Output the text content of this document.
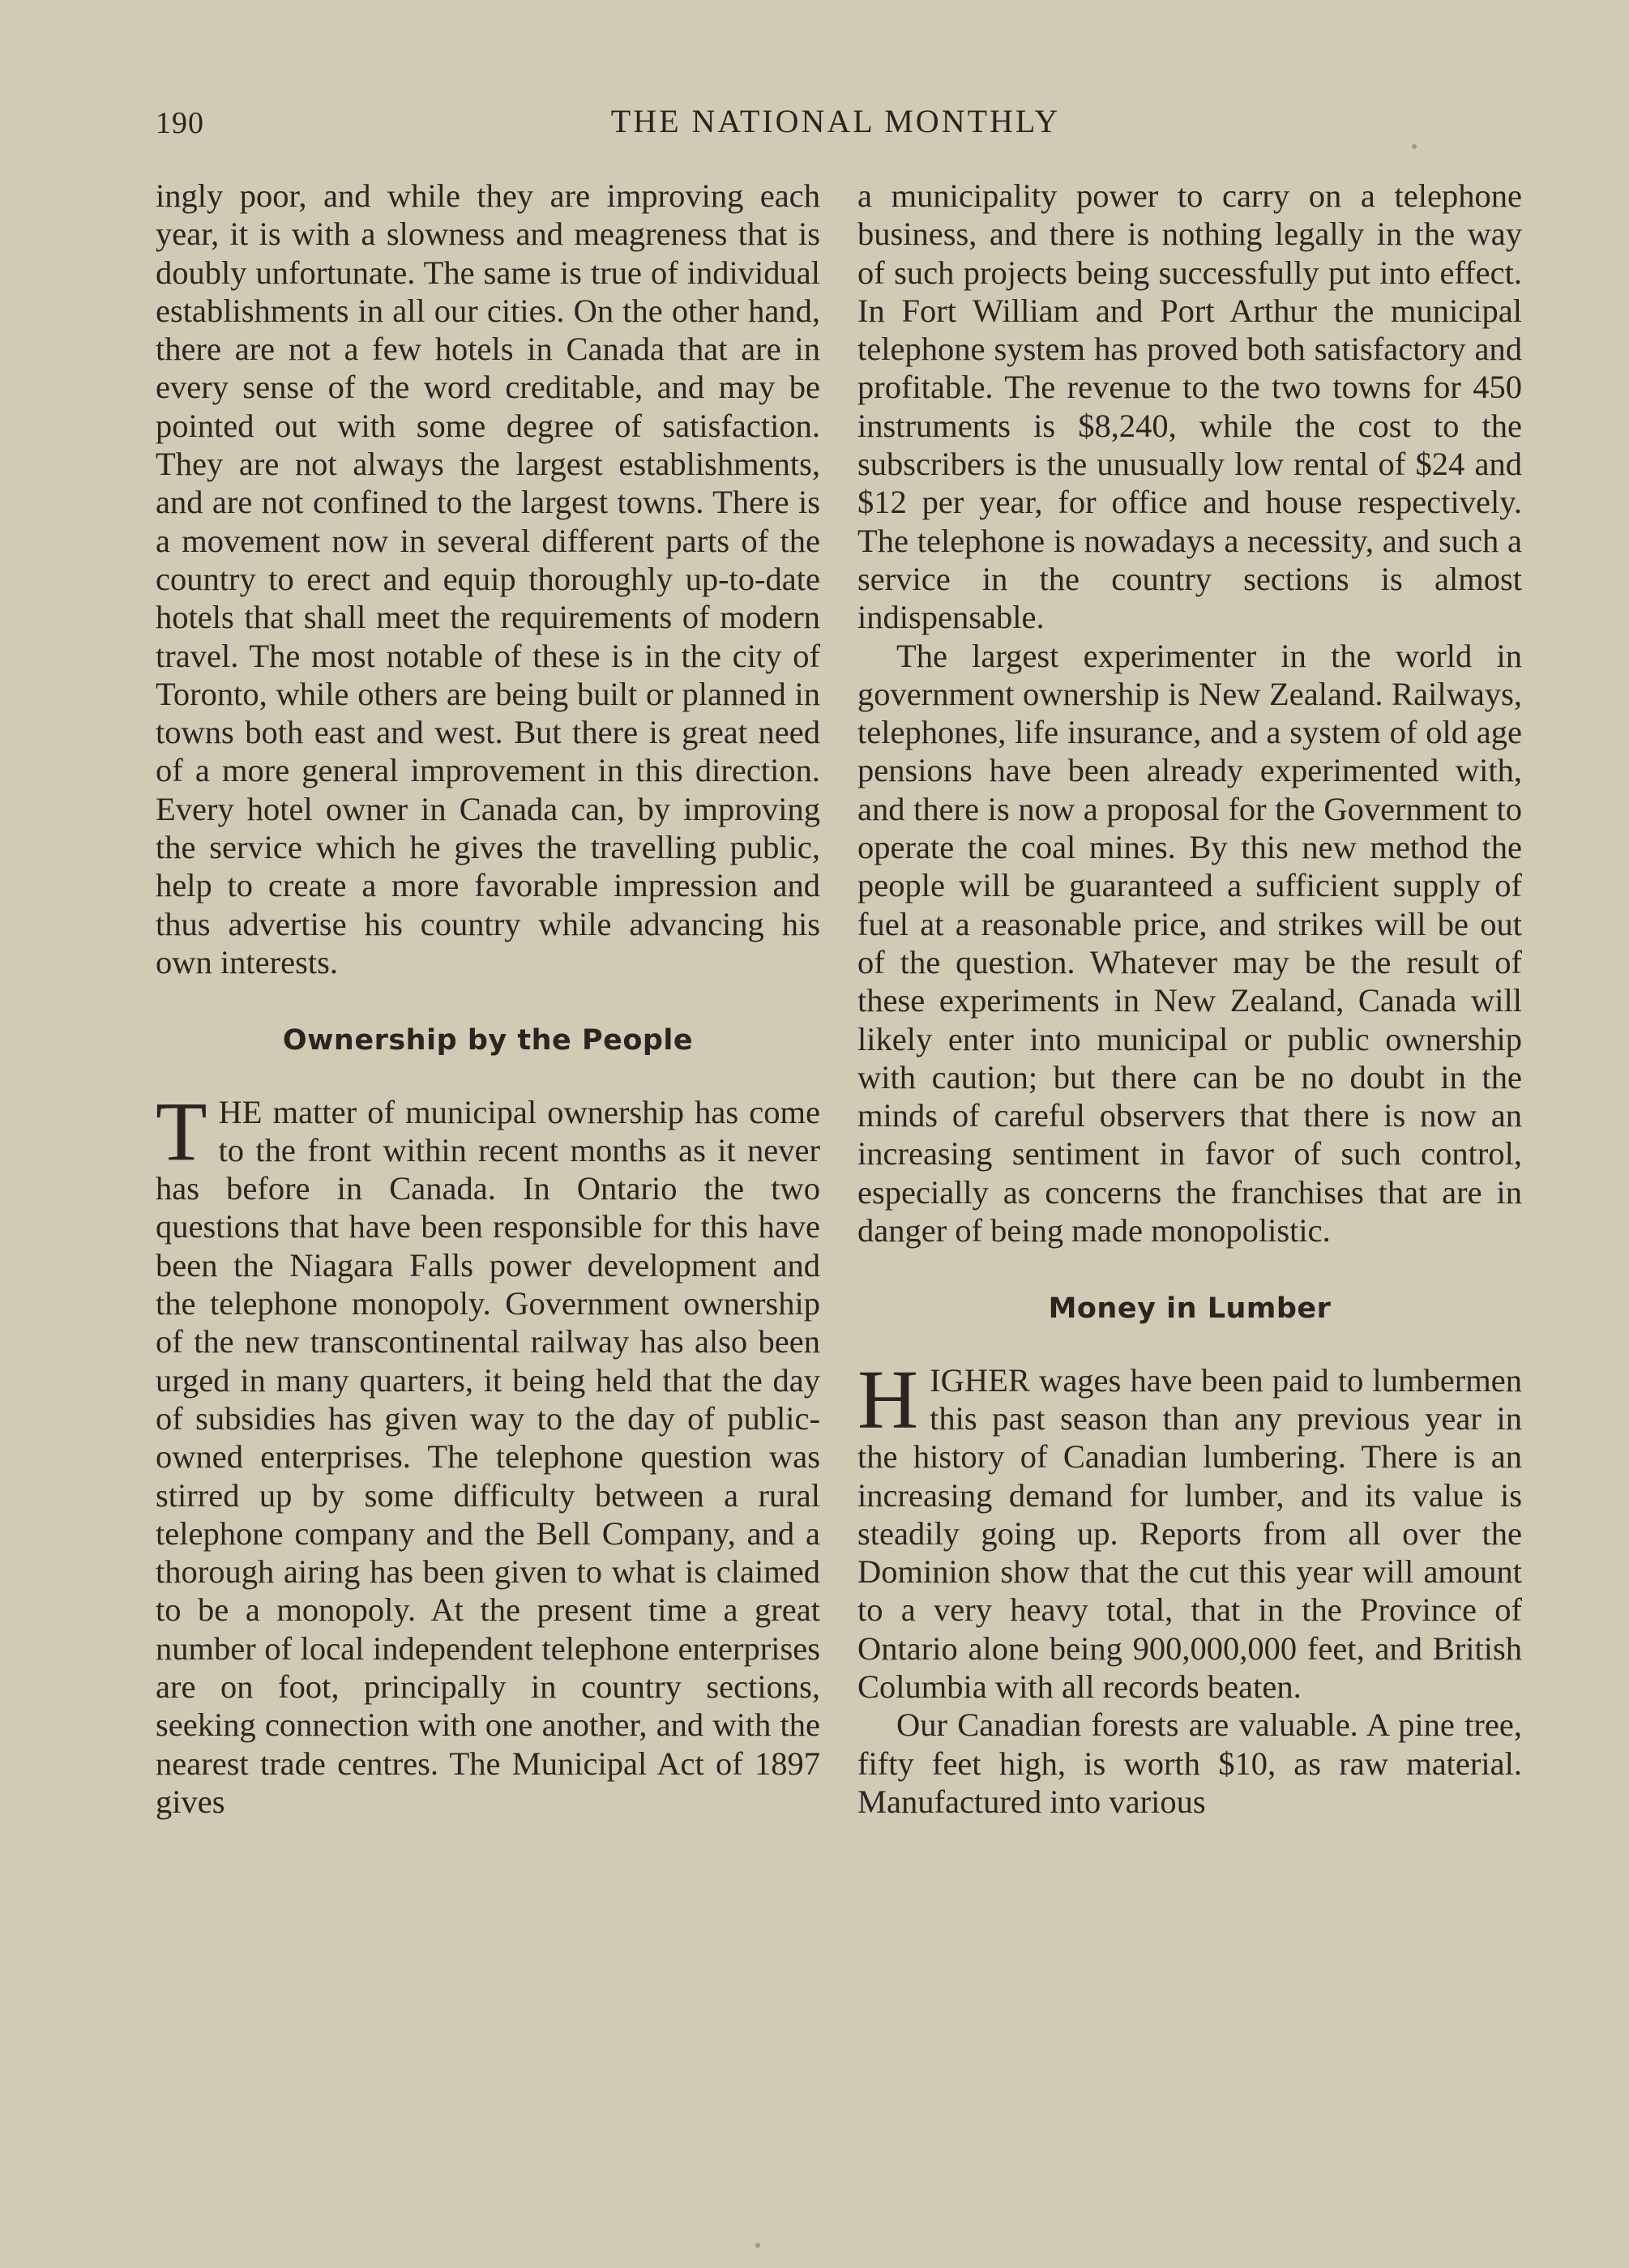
190	THE NATIONAL MONTHLY

ingly poor, and while they are improving each year, it is with a slowness and meagreness that is doubly unfortunate. The same is true of individual establishments in all our cities. On the other hand, there are not a few hotels in Canada that are in every sense of the word creditable, and may be pointed out with some degree of satisfaction. They are not always the largest establishments, and are not confined to the largest towns. There is a movement now in several different parts of the country to erect and equip thoroughly up-to-date hotels that shall meet the requirements of modern travel. The most notable of these is in the city of Toronto, while others are being built or planned in towns both east and west. But there is great need of a more general improvement in this direction. Every hotel owner in Canada can, by improving the service which he gives the travelling public, help to create a more favorable impression and thus advertise his country while advancing his own interests.

Ownership by the People

THE matter of municipal ownership has come to the front within recent months as it never has before in Canada. In Ontario the two questions that have been responsible for this have been the Niagara Falls power development and the telephone monopoly. Government ownership of the new transcontinental railway has also been urged in many quarters, it being held that the day of subsidies has given way to the day of public-owned enterprises. The telephone question was stirred up by some difficulty between a rural telephone company and the Bell Company, and a thorough airing has been given to what is claimed to be a monopoly. At the present time a great number of local independent telephone enterprises are on foot, principally in country sections, seeking connection with one another, and with the nearest trade centres. The Municipal Act of 1897 gives

a municipality power to carry on a telephone business, and there is nothing legally in the way of such projects being successfully put into effect. In Fort William and Port Arthur the municipal telephone system has proved both satisfactory and profitable. The revenue to the two towns for 450 instruments is $8,240, while the cost to the subscribers is the unusually low rental of $24 and $12 per year, for office and house respectively. The telephone is nowadays a necessity, and such a service in the country sections is almost indispensable.

The largest experimenter in the world in government ownership is New Zealand. Railways, telephones, life insurance, and a system of old age pensions have been already experimented with, and there is now a proposal for the Government to operate the coal mines. By this new method the people will be guaranteed a sufficient supply of fuel at a reasonable price, and strikes will be out of the question. Whatever may be the result of these experiments in New Zealand, Canada will likely enter into municipal or public ownership with caution; but there can be no doubt in the minds of careful observers that there is now an increasing sentiment in favor of such control, especially as concerns the franchises that are in danger of being made monopolistic.

Money in Lumber

HIGHER wages have been paid to lumbermen this past season than any previous year in the history of Canadian lumbering. There is an increasing demand for lumber, and its value is steadily going up. Reports from all over the Dominion show that the cut this year will amount to a very heavy total, that in the Province of Ontario alone being 900,000,000 feet, and British Columbia with all records beaten.

Our Canadian forests are valuable. A pine tree, fifty feet high, is worth $10, as raw material. Manufactured into various
